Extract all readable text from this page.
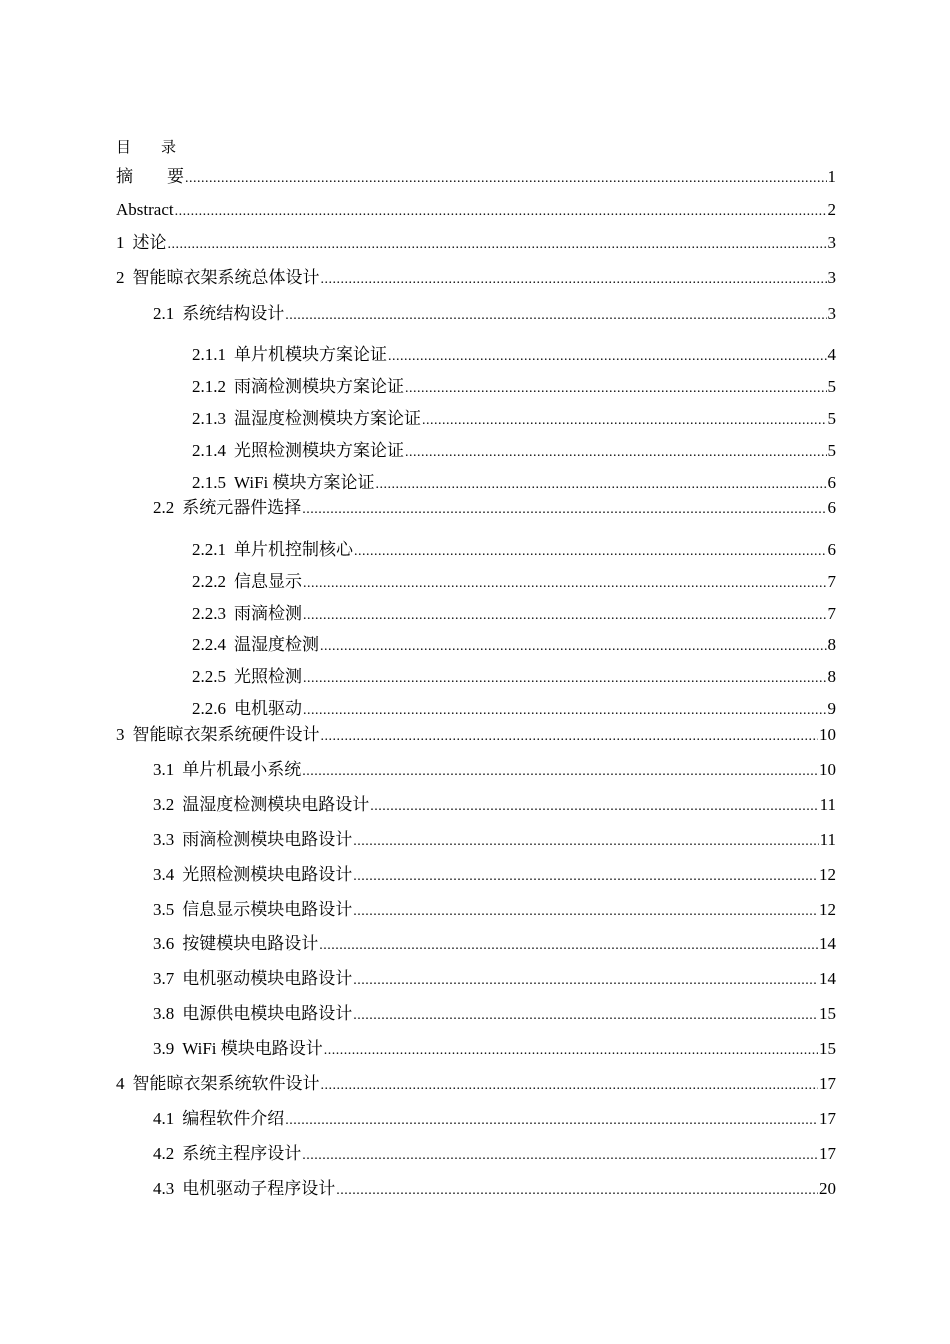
目　　录
摘　　要 .....	1
Abstract .....	2
1 述论 .....	3
2 智能晾衣架系统总体设计 .....	3
2.1 系统结构设计 .....	3
2.1.1 单片机模块方案论证 .....	4
2.1.2 雨滴检测模块方案论证 .....	5
2.1.3 温湿度检测模块方案论证 .....	5
2.1.4 光照检测模块方案论证 .....	5
2.1.5 WiFi 模块方案论证 .....	6
2.2 系统元器件选择 .....	6
2.2.1 单片机控制核心 .....	6
2.2.2 信息显示 .....	7
2.2.3 雨滴检测 .....	7
2.2.4 温湿度检测 .....	8
2.2.5 光照检测 .....	8
2.2.6 电机驱动 .....	9
3 智能晾衣架系统硬件设计 .....	10
3.1 单片机最小系统 .....	10
3.2 温湿度检测模块电路设计 .....	11
3.3 雨滴检测模块电路设计 .....	11
3.4 光照检测模块电路设计 .....	12
3.5 信息显示模块电路设计 .....	12
3.6 按键模块电路设计 .....	14
3.7 电机驱动模块电路设计 .....	14
3.8 电源供电模块电路设计 .....	15
3.9 WiFi 模块电路设计 .....	15
4 智能晾衣架系统软件设计 .....	17
4.1 编程软件介绍 .....	17
4.2 系统主程序设计 .....	17
4.3 电机驱动子程序设计 .....	20
